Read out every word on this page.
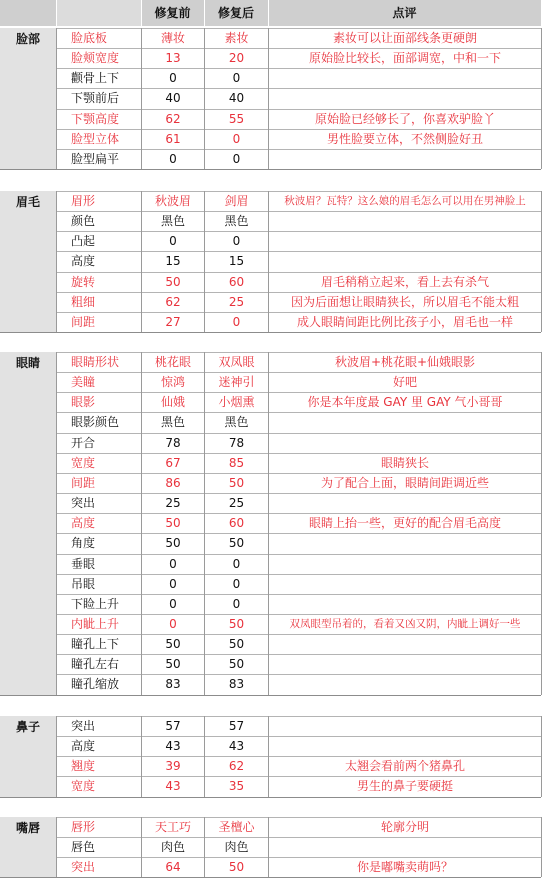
修复前	修复后	点评
脸部	脸底板	薄妆	素妆	素妆可以让面部线条更硬朗
脸颊宽度	13	20	原始脸比较长，面部调宽，中和一下
颧骨上下	0	0
下颚前后	40	40
下颚高度	62	55	原始脸已经够长了，你喜欢驴脸丫
脸型立体	61	0	男性脸要立体，不然侧脸好丑
脸型扁平	0	0
眉毛	眉形	秋波眉	剑眉	秋波眉？瓦特？这么娘的眉毛怎么可以用在男神脸上
颜色	黑色	黑色
凸起	0	0
高度	15	15
旋转	50	60	眉毛稍稍立起来，看上去有杀气
粗细	62	25	因为后面想让眼睛狭长，所以眉毛不能太粗
间距	27	0	成人眼睛间距比例比孩子小，眉毛也一样
眼睛	眼睛形状	桃花眼	双凤眼	秋波眉+桃花眼+仙娥眼影
美瞳	惊鸿	迷神引	好吧
眼影	仙娥	小烟熏	你是本年度最 GAY 里 GAY 气小哥哥
眼影颜色	黑色	黑色
开合	78	78
宽度	67	85	眼睛狭长
间距	86	50	为了配合上面，眼睛间距调近些
突出	25	25
高度	50	60	眼睛上抬一些，更好的配合眉毛高度
角度	50	50
垂眼	0	0
吊眼	0	0
下睑上升	0	0
内眦上升	0	50	双凤眼型吊着的，看着又凶又阴，内眦上调好一些
瞳孔上下	50	50
瞳孔左右	50	50
瞳孔缩放	83	83
鼻子	突出	57	57
高度	43	43
翘度	39	62	太翘会看前两个猪鼻孔
宽度	43	35	男生的鼻子要硬挺
嘴唇	唇形	天工巧	圣檀心	轮廓分明
唇色	肉色	肉色
突出	64	50	你是嘟嘴卖萌吗？
